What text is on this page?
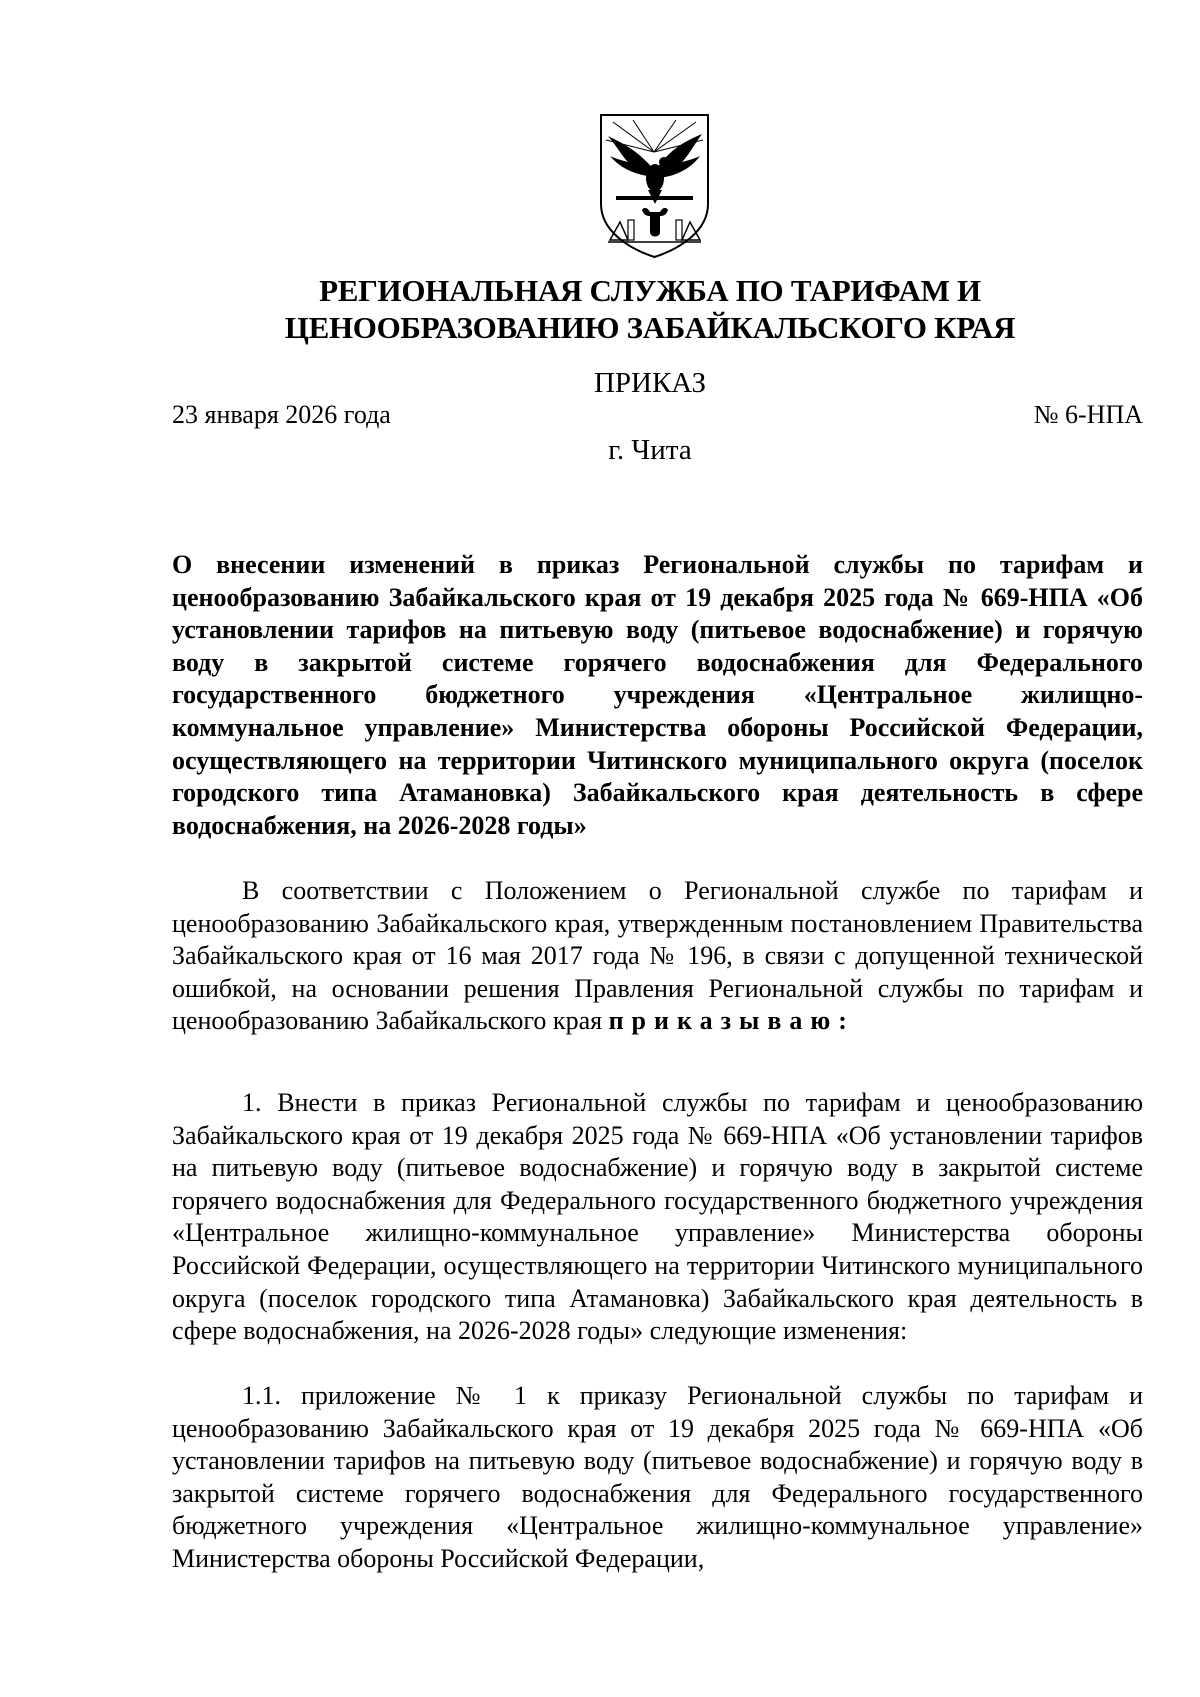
РЕГИОНАЛЬНАЯ СЛУЖБА ПО ТАРИФАМ И ЦЕНООБРАЗОВАНИЮ ЗАБАЙКАЛЬСКОГО КРАЯ
ПРИКАЗ
23 января 2026 года	№ 6-НПА
г. Чита
О внесении изменений в приказ Региональной службы по тарифам и ценообразованию Забайкальского края от 19 декабря 2025 года № 669-НПА «Об установлении тарифов на питьевую воду (питьевое водоснабжение) и горячую воду в закрытой системе горячего водоснабжения для Федерального государственного бюджетного учреждения «Центральное жилищно-коммунальное управление» Министерства обороны Российской Федерации, осуществляющего на территории Читинского муниципального округа (поселок городского типа Атамановка) Забайкальского края деятельность в сфере водоснабжения, на 2026-2028 годы»
В соответствии с Положением о Региональной службе по тарифам и ценообразованию Забайкальского края, утвержденным постановлением Правительства Забайкальского края от 16 мая 2017 года № 196, в связи с допущенной технической ошибкой, на основании решения Правления Региональной службы по тарифам и ценообразованию Забайкальского края приказываю:
1. Внести в приказ Региональной службы по тарифам и ценообразованию Забайкальского края от 19 декабря 2025 года № 669-НПА «Об установлении тарифов на питьевую воду (питьевое водоснабжение) и горячую воду в закрытой системе горячего водоснабжения для Федерального государственного бюджетного учреждения «Центральное жилищно-коммунальное управление» Министерства обороны Российской Федерации, осуществляющего на территории Читинского муниципального округа (поселок городского типа Атамановка) Забайкальского края деятельность в сфере водоснабжения, на 2026-2028 годы» следующие изменения:
1.1. приложение № 1 к приказу Региональной службы по тарифам и ценообразованию Забайкальского края от 19 декабря 2025 года № 669-НПА «Об установлении тарифов на питьевую воду (питьевое водоснабжение) и горячую воду в закрытой системе горячего водоснабжения для Федерального государственного бюджетного учреждения «Центральное жилищно-коммунальное управление» Министерства обороны Российской Федерации,
